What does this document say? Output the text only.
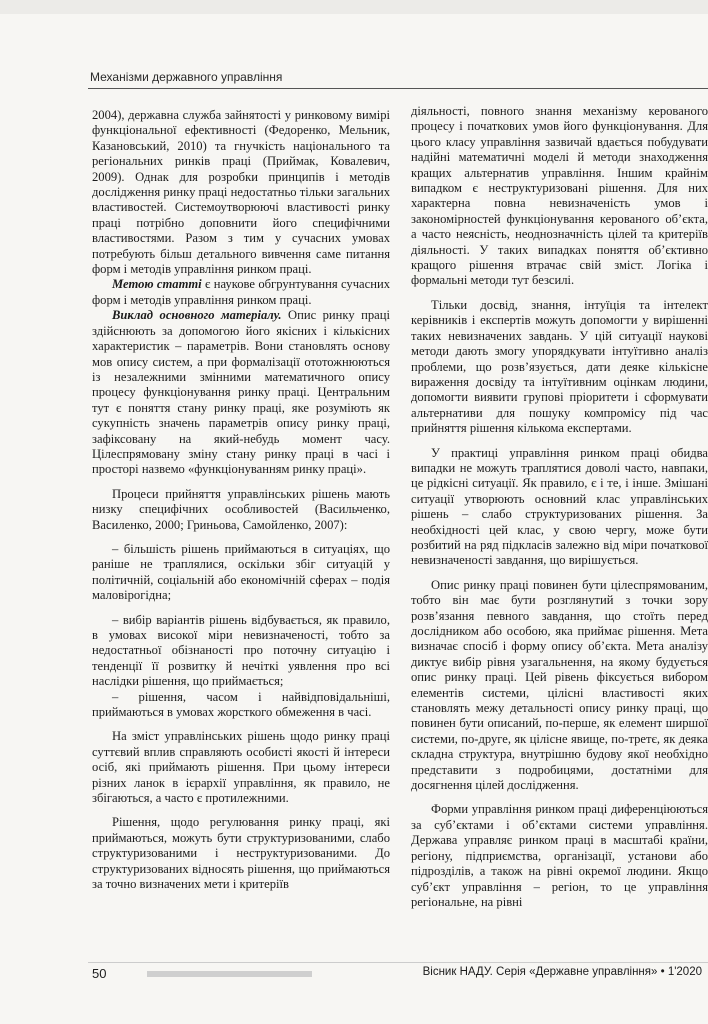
Механізми державного управління

2004), державна служба зайнятості у ринковому вимірі функціональної ефективності (Федоренко, Мельник, Казановський, 2010) та гнучкість національного та регіональних ринків праці (Приймак, Ковалевич, 2009). Однак для розробки принципів і методів дослідження ринку праці недостатньо тільки загальних властивостей. Системоутворюючі властивості ринку праці потрібно доповнити його специфічними властивостями. Разом з тим у сучасних умовах потребують більш детального вивчення саме питання форм і методів управління ринком праці.

Метою статті є наукове обгрунтування сучасних форм і методів управління ринком праці.

Виклад основного матеріалу. Опис ринку праці здійснюють за допомогою його якісних і кількісних характеристик – параметрів. Вони становлять основу мов опису систем, а при формалізації ототожнюються із незалежними змінними математичного опису процесу функціонування ринку праці. Центральним тут є поняття стану ринку праці, яке розуміють як сукупність значень параметрів опису ринку праці, зафіксовану на який-небудь момент часу. Цілеспрямовану зміну стану ринку праці в часі і просторі назвемо «функціонуванням ринку праці».

Процеси прийняття управлінських рішень мають низку специфічних особливостей (Васильченко, Василенко, 2000; Гриньова, Самойленко, 2007):

– більшість рішень приймаються в ситуаціях, що раніше не траплялися, оскільки збіг ситуацій у політичній, соціальній або економічній сферах – подія маловірогідна;

– вибір варіантів рішень відбувається, як правило, в умовах високої міри невизначеності, тобто за недостатньої обізнаності про поточну ситуацію і тенденції її розвитку й нечіткі уявлення про всі наслідки рішення, що приймається;

– рішення, часом і найвідповідальніші, приймаються в умовах жорсткого обмеження в часі.

На зміст управлінських рішень щодо ринку праці суттєвий вплив справляють особисті якості й інтереси осіб, які приймають рішення. При цьому інтереси різних ланок в ієрархії управління, як правило, не збігаються, а часто є протилежними.

Рішення, щодо регулювання ринку праці, які приймаються, можуть бути структуризованими, слабо структуризованими і неструктуризованими. До структуризованих відносять рішення, що приймаються за точно визначених мети і критеріїв

діяльності, повного знання механізму керованого процесу і початкових умов його функціонування. Для цього класу управління зазвичай вдається побудувати надійні математичні моделі й методи знаходження кращих альтернатив управління. Іншим крайнім випадком є неструктуризовані рішення. Для них характерна повна невизначеність умов і закономірностей функціонування керованого об’єкта, а часто неясність, неоднозначність цілей та критеріїв діяльності. У таких випадках поняття об’єктивно кращого рішення втрачає свій зміст. Логіка і формальні методи тут безсилі.

Тільки досвід, знання, інтуїція та інтелект керівників і експертів можуть допомогти у вирішенні таких невизначених завдань. У цій ситуації наукові методи дають змогу упорядкувати інтуїтивно аналіз проблеми, що розв’язується, дати деяке кількісне вираження досвіду та інтуїтивним оцінкам людини, допомогти виявити групові пріоритети і сформувати альтернативи для пошуку компромісу під час прийняття рішення кількома експертами.

У практиці управління ринком праці обидва випадки не можуть траплятися доволі часто, навпаки, це рідкісні ситуації. Як правило, є і те, і інше. Змішані ситуації утворюють основний клас управлінських рішень – слабо структуризованих рішення. За необхідності цей клас, у свою чергу, може бути розбитий на ряд підкласів залежно від міри початкової невизначеності завдання, що вирішується.

Опис ринку праці повинен бути цілеспрямованим, тобто він має бути розглянутий з точки зору розв’язання певного завдання, що стоїть перед дослідником або особою, яка приймає рішення. Мета визначає спосіб і форму опису об’єкта. Мета аналізу диктує вибір рівня узагальнення, на якому будується опис ринку праці. Цей рівень фіксується вибором елементів системи, цілісні властивості яких становлять межу детальності опису ринку праці, що повинен бути описаний, по-перше, як елемент ширшої системи, по-друге, як цілісне явище, по-третє, як деяка складна структура, внутрішню будову якої необхідно представити з подробицями, достатніми для досягнення цілей дослідження.

Форми управління ринком праці диференціюються за суб’єктами і об’єктами системи управління. Держава управляє ринком праці в масштабі країни, регіону, підприємства, організації, установи або підрозділів, а також на рівні окремої людини. Якщо суб’єкт управління – регіон, то це управління регіональне, на рівні

50	Вісник НАДУ. Серія «Державне управління» • 1'2020
